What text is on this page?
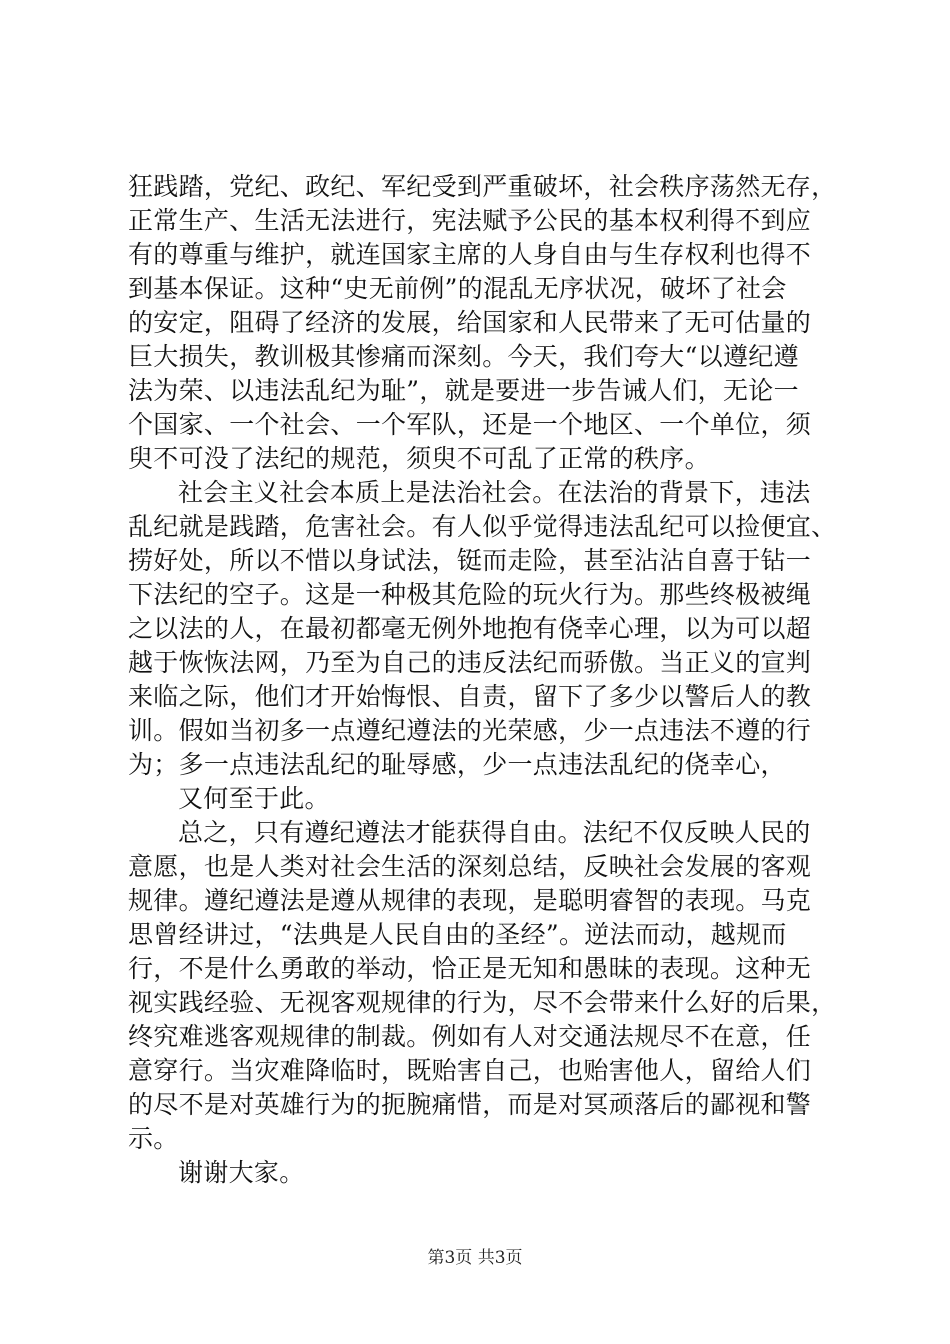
狂践踏，党纪、政纪、军纪受到严重破坏，社会秩序荡然无存，
正常生产、生活无法进行，宪法赋予公民的基本权利得不到应
有的尊重与维护，就连国家主席的人身自由与生存权利也得不
到基本保证。这种“史无前例”的混乱无序状况，破坏了社会
的安定，阻碍了经济的发展，给国家和人民带来了无可估量的
巨大损失，教训极其惨痛而深刻。今天，我们夸大“以遵纪遵
法为荣、以违法乱纪为耻”，就是要进一步告诫人们，无论一
个国家、一个社会、一个军队，还是一个地区、一个单位，须
臾不可没了法纪的规范，须臾不可乱了正常的秩序。
社会主义社会本质上是法治社会。在法治的背景下，违法
乱纪就是践踏，危害社会。有人似乎觉得违法乱纪可以捡便宜、
捞好处，所以不惜以身试法，铤而走险，甚至沾沾自喜于钻一
下法纪的空子。这是一种极其危险的玩火行为。那些终极被绳
之以法的人，在最初都毫无例外地抱有侥幸心理，以为可以超
越于恢恢法网，乃至为自己的违反法纪而骄傲。当正义的宣判
来临之际，他们才开始悔恨、自责，留下了多少以警后人的教
训。假如当初多一点遵纪遵法的光荣感，少一点违法不遵的行
为；多一点违法乱纪的耻辱感，少一点违法乱纪的侥幸心，
又何至于此。
总之，只有遵纪遵法才能获得自由。法纪不仅反映人民的
意愿，也是人类对社会生活的深刻总结，反映社会发展的客观
规律。遵纪遵法是遵从规律的表现，是聪明睿智的表现。马克
思曾经讲过，“法典是人民自由的圣经”。逆法而动，越规而
行，不是什么勇敢的举动，恰正是无知和愚昧的表现。这种无
视实践经验、无视客观规律的行为，尽不会带来什么好的后果，
终究难逃客观规律的制裁。例如有人对交通法规尽不在意，任
意穿行。当灾难降临时，既贻害自己，也贻害他人，留给人们
的尽不是对英雄行为的扼腕痛惜，而是对冥顽落后的鄙视和警
示。
谢谢大家。
第3页 共3页
